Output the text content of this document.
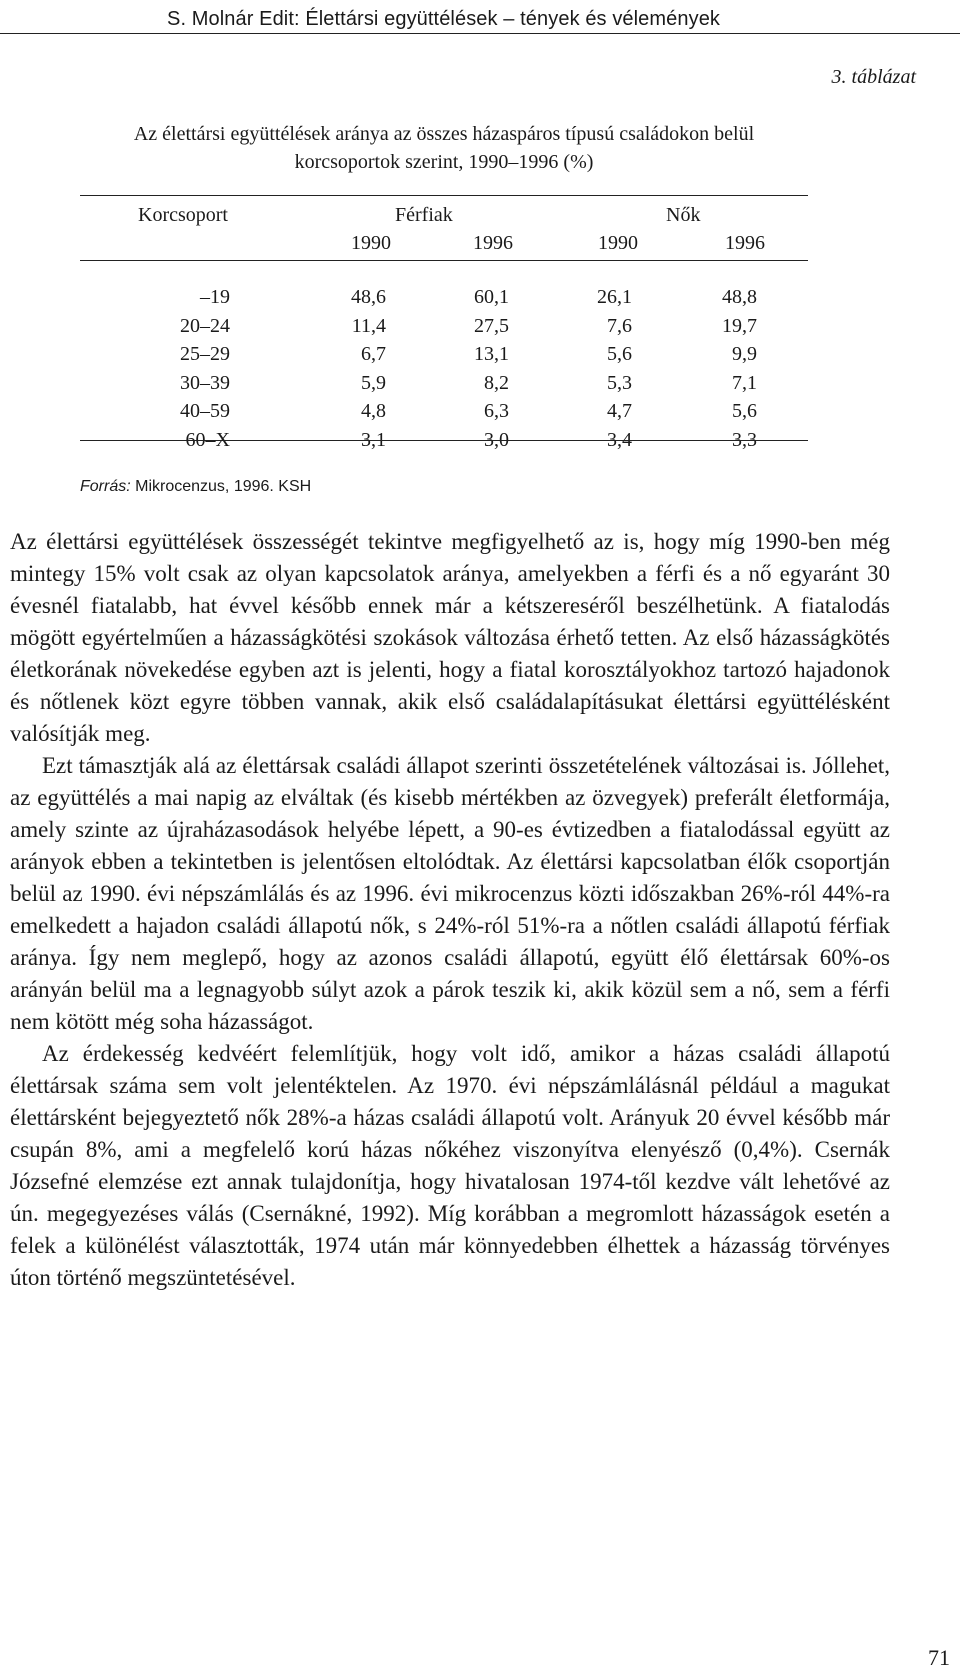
S. Molnár Edit: Élettársi együttélések – tények és vélemények
3. táblázat
Az élettársi együttélések aránya az összes házaspáros típusú családokon belül
korcsoportok szerint, 1990–1996 (%)
Korcsoport	Férfiak	Nők
1990	1996	1990	1996
–19	48,6	60,1	26,1	48,8
20–24	11,4	27,5	7,6	19,7
25–29	6,7	13,1	5,6	9,9
30–39	5,9	8,2	5,3	7,1
40–59	4,8	6,3	4,7	5,6
60–X	3,1	3,0	3,4	3,3
Forrás: Mikrocenzus, 1996. KSH

Az élettársi együttélések összességét tekintve megfigyelhető az is, hogy míg 1990-ben még mintegy 15% volt csak az olyan kapcsolatok aránya, amelyekben a férfi és a nő egyaránt 30 évesnél fiatalabb, hat évvel később ennek már a kétszereséről beszélhetünk. A fiatalodás mögött egyértelműen a házasságkötési szokások változása érhető tetten. Az első házasságkötés életkorának növekedése egyben azt is jelenti, hogy a fiatal korosztályokhoz tartozó hajadonok és nőtlenek közt egyre többen vannak, akik első családalapításukat élettársi együttélésként valósítják meg.

Ezt támasztják alá az élettársak családi állapot szerinti összetételének változásai is. Jóllehet, az együttélés a mai napig az elváltak (és kisebb mértékben az özvegyek) preferált életformája, amely szinte az újraházasodások helyébe lépett, a 90-es évtizedben a fiatalodással együtt az arányok ebben a tekintetben is jelentősen eltolódtak. Az élettársi kapcsolatban élők csoportján belül az 1990. évi népszámlálás és az 1996. évi mikrocenzus közti időszakban 26%-ról 44%-ra emelkedett a hajadon családi állapotú nők, s 24%-ról 51%-ra a nőtlen családi állapotú férfiak aránya. Így nem meglepő, hogy az azonos családi állapotú, együtt élő élettársak 60%-os arányán belül ma a legnagyobb súlyt azok a párok teszik ki, akik közül sem a nő, sem a férfi nem kötött még soha házasságot.

Az érdekesség kedvéért felemlítjük, hogy volt idő, amikor a házas családi állapotú élettársak száma sem volt jelentéktelen. Az 1970. évi népszámlálásnál például a magukat élettársként bejegyeztető nők 28%-a házas családi állapotú volt. Arányuk 20 évvel később már csupán 8%, ami a megfelelő korú házas nőkéhez viszonyítva elenyésző (0,4%). Csernák Józsefné elemzése ezt annak tulajdonítja, hogy hivatalosan 1974-től kezdve vált lehetővé az ún. megegyezéses válás (Csernákné, 1992). Míg korábban a megromlott házasságok esetén a felek a különélést választották, 1974 után már könnyedebben élhettek a házasság törvényes úton történő megszüntetésével.

71
